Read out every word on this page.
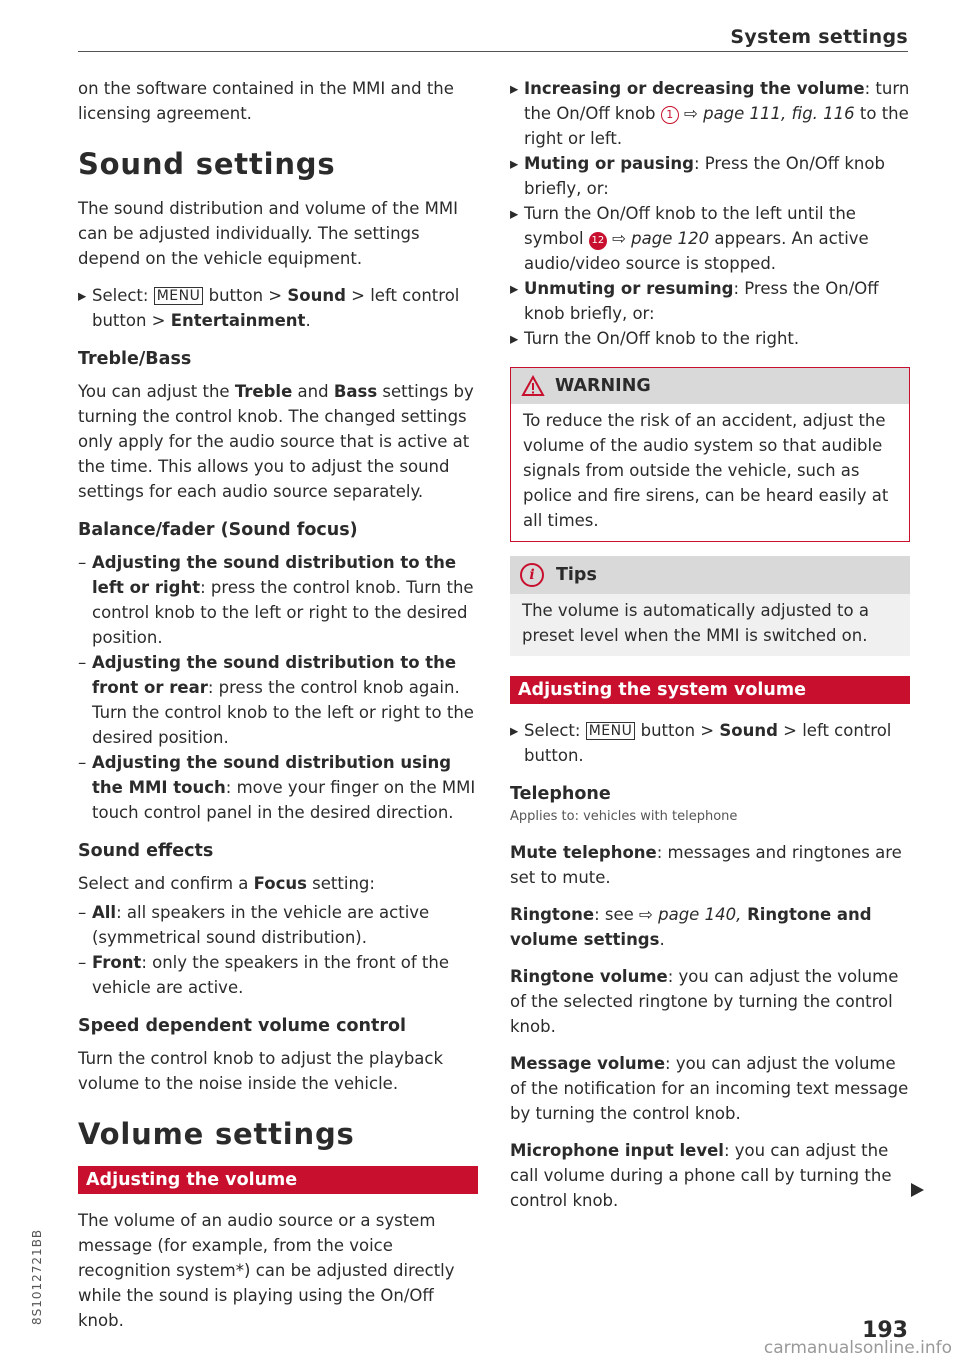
System settings

on the software contained in the MMI and the licensing agreement.

Sound settings

The sound distribution and volume of the MMI can be adjusted individually. The settings depend on the vehicle equipment.

▸ Select: MENU button > Sound > left control button > Entertainment.
Treble/Bass

You can adjust the Treble and Bass settings by turning the control knob. The changed settings only apply for the audio source that is active at the time. This allows you to adjust the sound settings for each audio source separately.

Balance/fader (Sound focus)
– Adjusting the sound distribution to the left or right: press the control knob. Turn the control knob to the left or right to the desired position.
– Adjusting the sound distribution to the front or rear: press the control knob again. Turn the control knob to the left or right to the desired position.
– Adjusting the sound distribution using the MMI touch: move your finger on the MMI touch control panel in the desired direction.
Sound effects

Select and confirm a Focus setting:

– All: all speakers in the vehicle are active (symmetrical sound distribution).
– Front: only the speakers in the front of the vehicle are active.
Speed dependent volume control

Turn the control knob to adjust the playback volume to the noise inside the vehicle.

Volume settings
Adjusting the volume

The volume of an audio source or a system message (for example, from the voice recognition system*) can be adjusted directly while the sound is playing using the On/Off knob.

▸ Increasing or decreasing the volume: turn the On/Off knob 1 ⇨ page 111, fig. 116 to the right or left.
▸ Muting or pausing: Press the On/Off knob briefly, or:
▸ Turn the On/Off knob to the left until the symbol 12 ⇨ page 120 appears. An active audio/video source is stopped.
▸ Unmuting or resuming: Press the On/Off knob briefly, or:
▸ Turn the On/Off knob to the right.
WARNING

To reduce the risk of an accident, adjust the volume of the audio system so that audible signals from outside the vehicle, such as police and fire sirens, can be heard easily at all times.

i	Tips

The volume is automatically adjusted to a preset level when the MMI is switched on.

Adjusting the system volume
▸ Select: MENU button > Sound > left control button.
Telephone
Applies to: vehicles with telephone

Mute telephone: messages and ringtones are set to mute.

Ringtone: see ⇨ page 140, Ringtone and volume settings.

Ringtone volume: you can adjust the volume of the selected ringtone by turning the control knob.

Message volume: you can adjust the volume of the notification for an incoming text message by turning the control knob.

Microphone input level: you can adjust the call volume during a phone call by turning the control knob.

8S1012721BB
193
carmanualsonline.info
